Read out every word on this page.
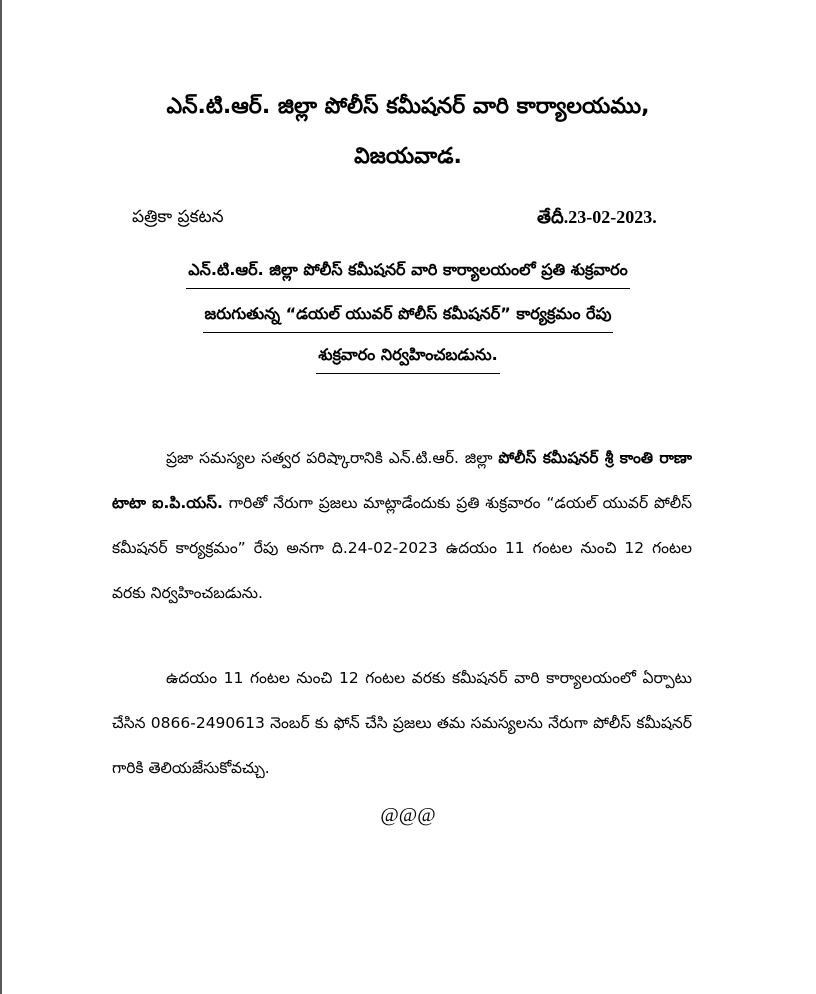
ఎన్.టి.ఆర్. జిల్లా పోలీస్ కమీషనర్ వారి కార్యాలయము,
విజయవాడ.
పత్రికా ప్రకటన	తేదీ.23-02-2023.
ఎన్.టి.ఆర్. జిల్లా పోలీస్ కమీషనర్ వారి కార్యాలయంలో ప్రతి శుక్రవారం
జరుగుతున్న “డయల్ యువర్ పోలీస్ కమీషనర్” కార్యక్రమం రేపు
శుక్రవారం నిర్వహించబడును.
ప్రజా సమస్యల సత్వర పరిష్కారానికి ఎన్.టి.ఆర్. జిల్లా పోలీస్ కమీషనర్ శ్రీ కాంతి రాణా టాటా ఐ.పి.యస్. గారితో నేరుగా ప్రజలు మాట్లాడేందుకు ప్రతి శుక్రవారం “డయల్ యువర్ పోలీస్ కమీషనర్ కార్యక్రమం” రేపు అనగా ది.24-02-2023 ఉదయం 11 గంటల నుంచి 12 గంటల వరకు నిర్వహించబడును.
ఉదయం 11 గంటల నుంచి 12 గంటల వరకు కమీషనర్ వారి కార్యాలయంలో ఏర్పాటు చేసిన 0866-2490613 నెంబర్ కు ఫోన్ చేసి ప్రజలు తమ సమస్యలను నేరుగా పోలీస్ కమీషనర్ గారికి తెలియజేసుకోవచ్చు.
@@@
